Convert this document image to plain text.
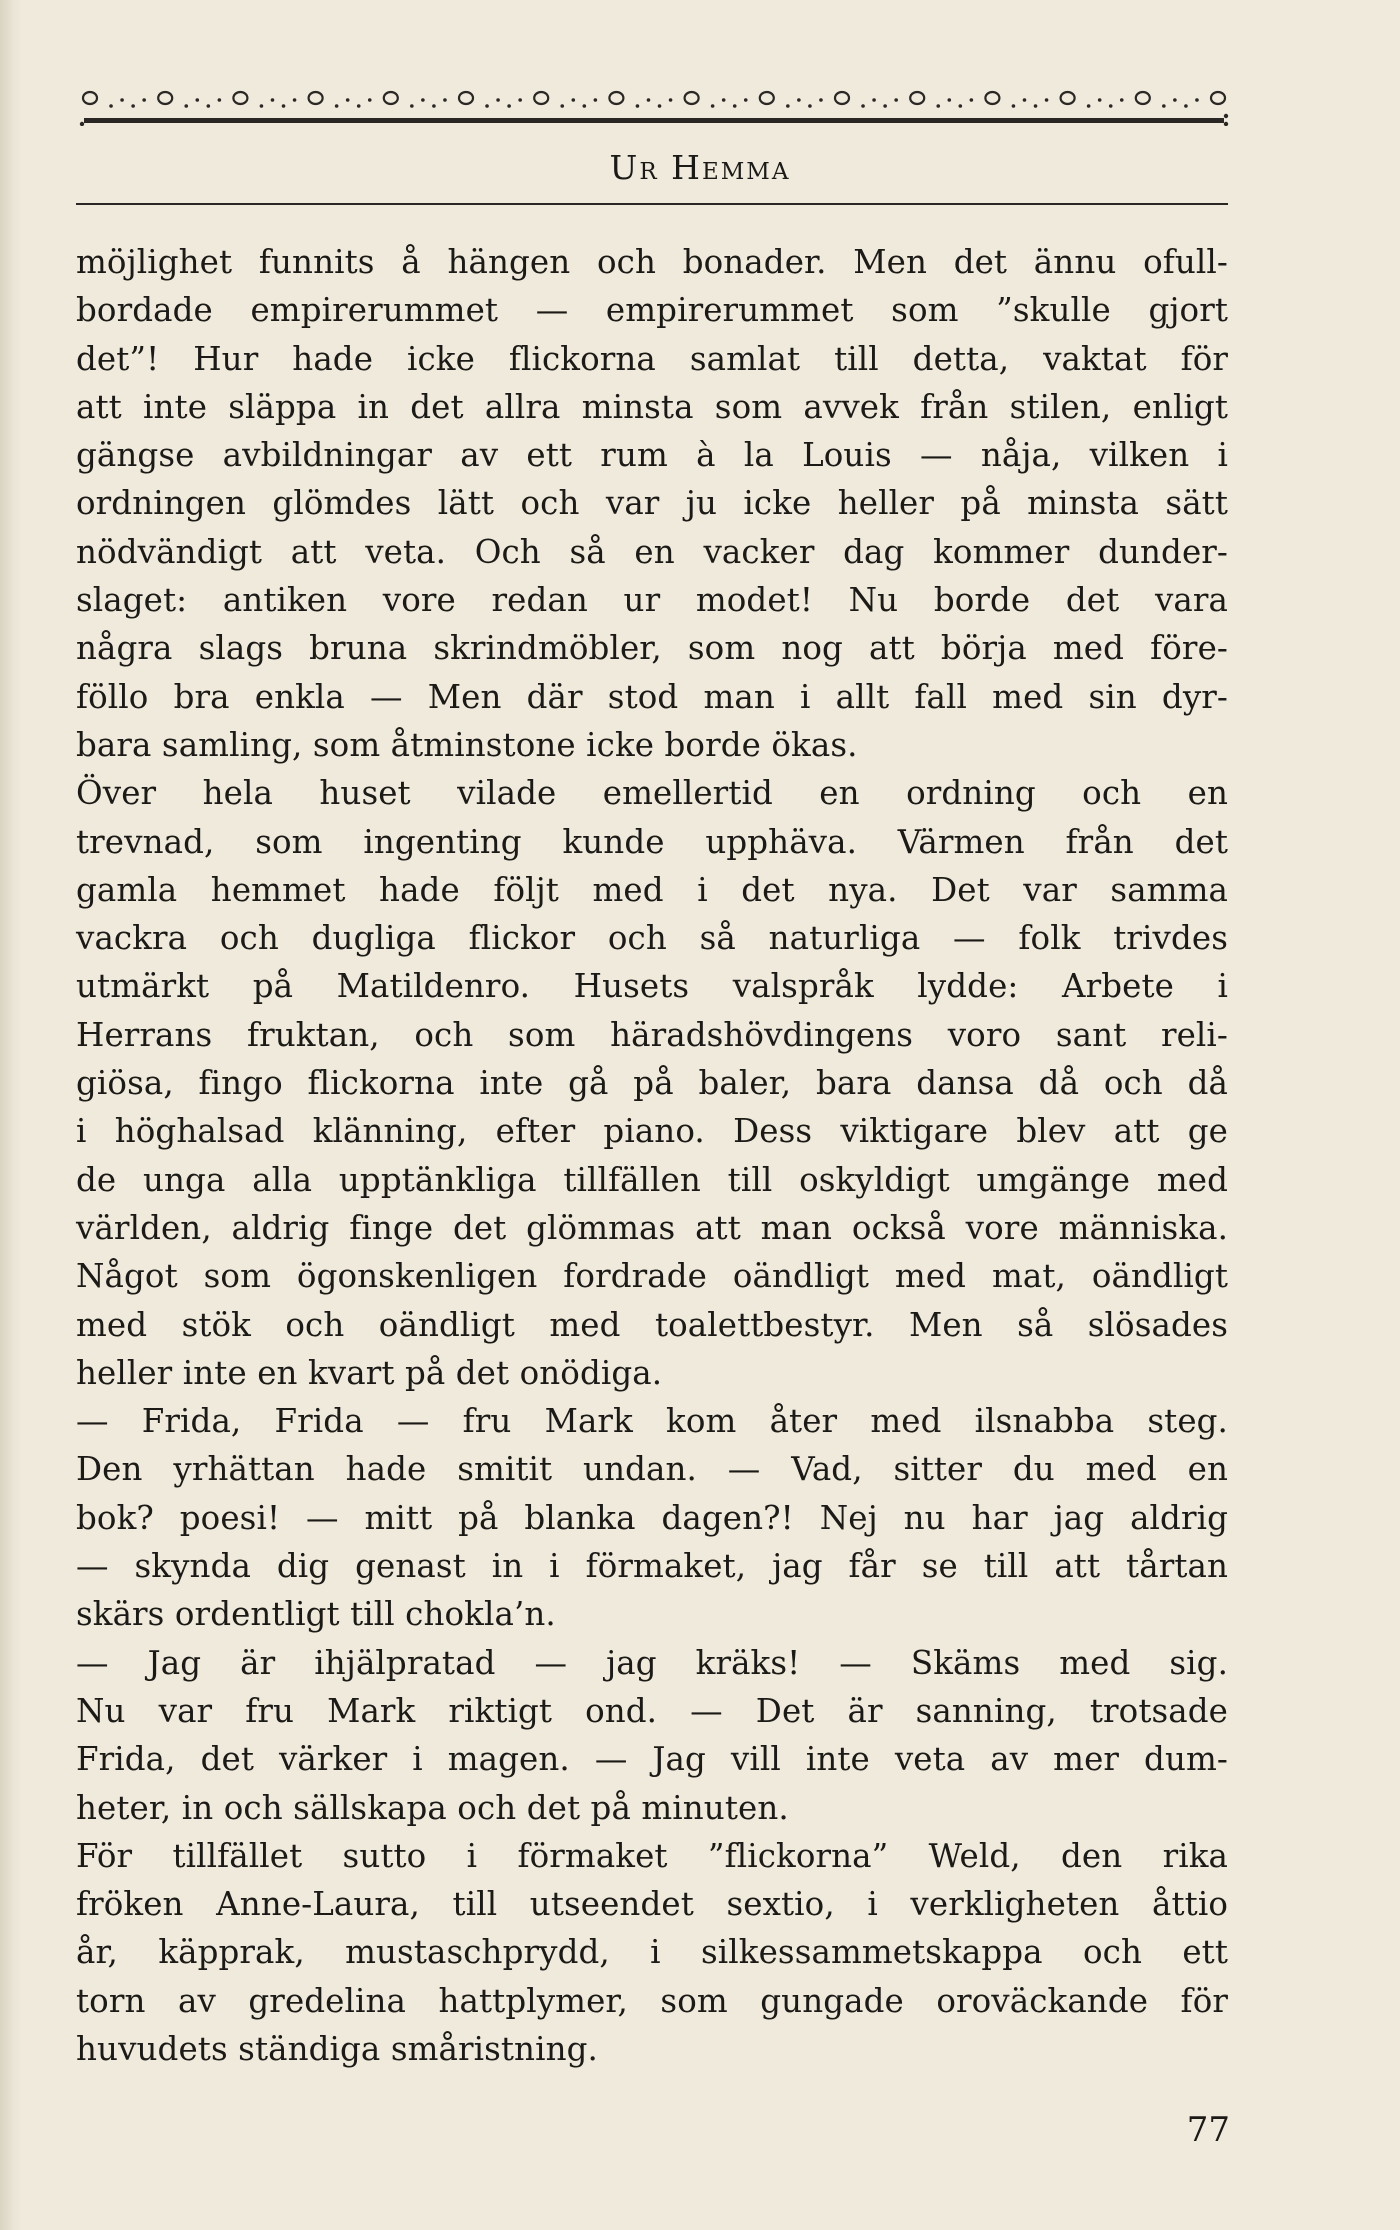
Ur Hemma
möjlighet funnits å hängen och bonader. Men det ännu ofull-
bordade empirerummet — empirerummet som ”skulle gjort
det”! Hur hade icke flickorna samlat till detta, vaktat för
att inte släppa in det allra minsta som avvek från stilen, enligt
gängse avbildningar av ett rum à la Louis — nåja, vilken i
ordningen glömdes lätt och var ju icke heller på minsta sätt
nödvändigt att veta. Och så en vacker dag kommer dunder-
slaget: antiken vore redan ur modet! Nu borde det vara
några slags bruna skrindmöbler, som nog att börja med före-
föllo bra enkla — Men där stod man i allt fall med sin dyr-
bara samling, som åtminstone icke borde ökas.
Över hela huset vilade emellertid en ordning och en
trevnad, som ingenting kunde upphäva. Värmen från det
gamla hemmet hade följt med i det nya. Det var samma
vackra och dugliga flickor och så naturliga — folk trivdes
utmärkt på Matildenro. Husets valspråk lydde: Arbete i
Herrans fruktan, och som häradshövdingens voro sant reli-
giösa, fingo flickorna inte gå på baler, bara dansa då och då
i höghalsad klänning, efter piano. Dess viktigare blev att ge
de unga alla upptänkliga tillfällen till oskyldigt umgänge med
världen, aldrig finge det glömmas att man också vore människa.
Något som ögonskenligen fordrade oändligt med mat, oändligt
med stök och oändligt med toalettbestyr. Men så slösades
heller inte en kvart på det onödiga.
— Frida, Frida — fru Mark kom åter med ilsnabba steg.
Den yrhättan hade smitit undan. — Vad, sitter du med en
bok? poesi! — mitt på blanka dagen?! Nej nu har jag aldrig
— skynda dig genast in i förmaket, jag får se till att tårtan
skärs ordentligt till chokla’n.
— Jag är ihjälpratad — jag kräks! — Skäms med sig.
Nu var fru Mark riktigt ond. — Det är sanning, trotsade
Frida, det värker i magen. — Jag vill inte veta av mer dum-
heter, in och sällskapa och det på minuten.
För tillfället sutto i förmaket ”flickorna” Weld, den rika
fröken Anne-Laura, till utseendet sextio, i verkligheten åttio
år, käpprak, mustaschprydd, i silkessammetskappa och ett
torn av gredelina hattplymer, som gungade oroväckande för
huvudets ständiga småristning.
77
